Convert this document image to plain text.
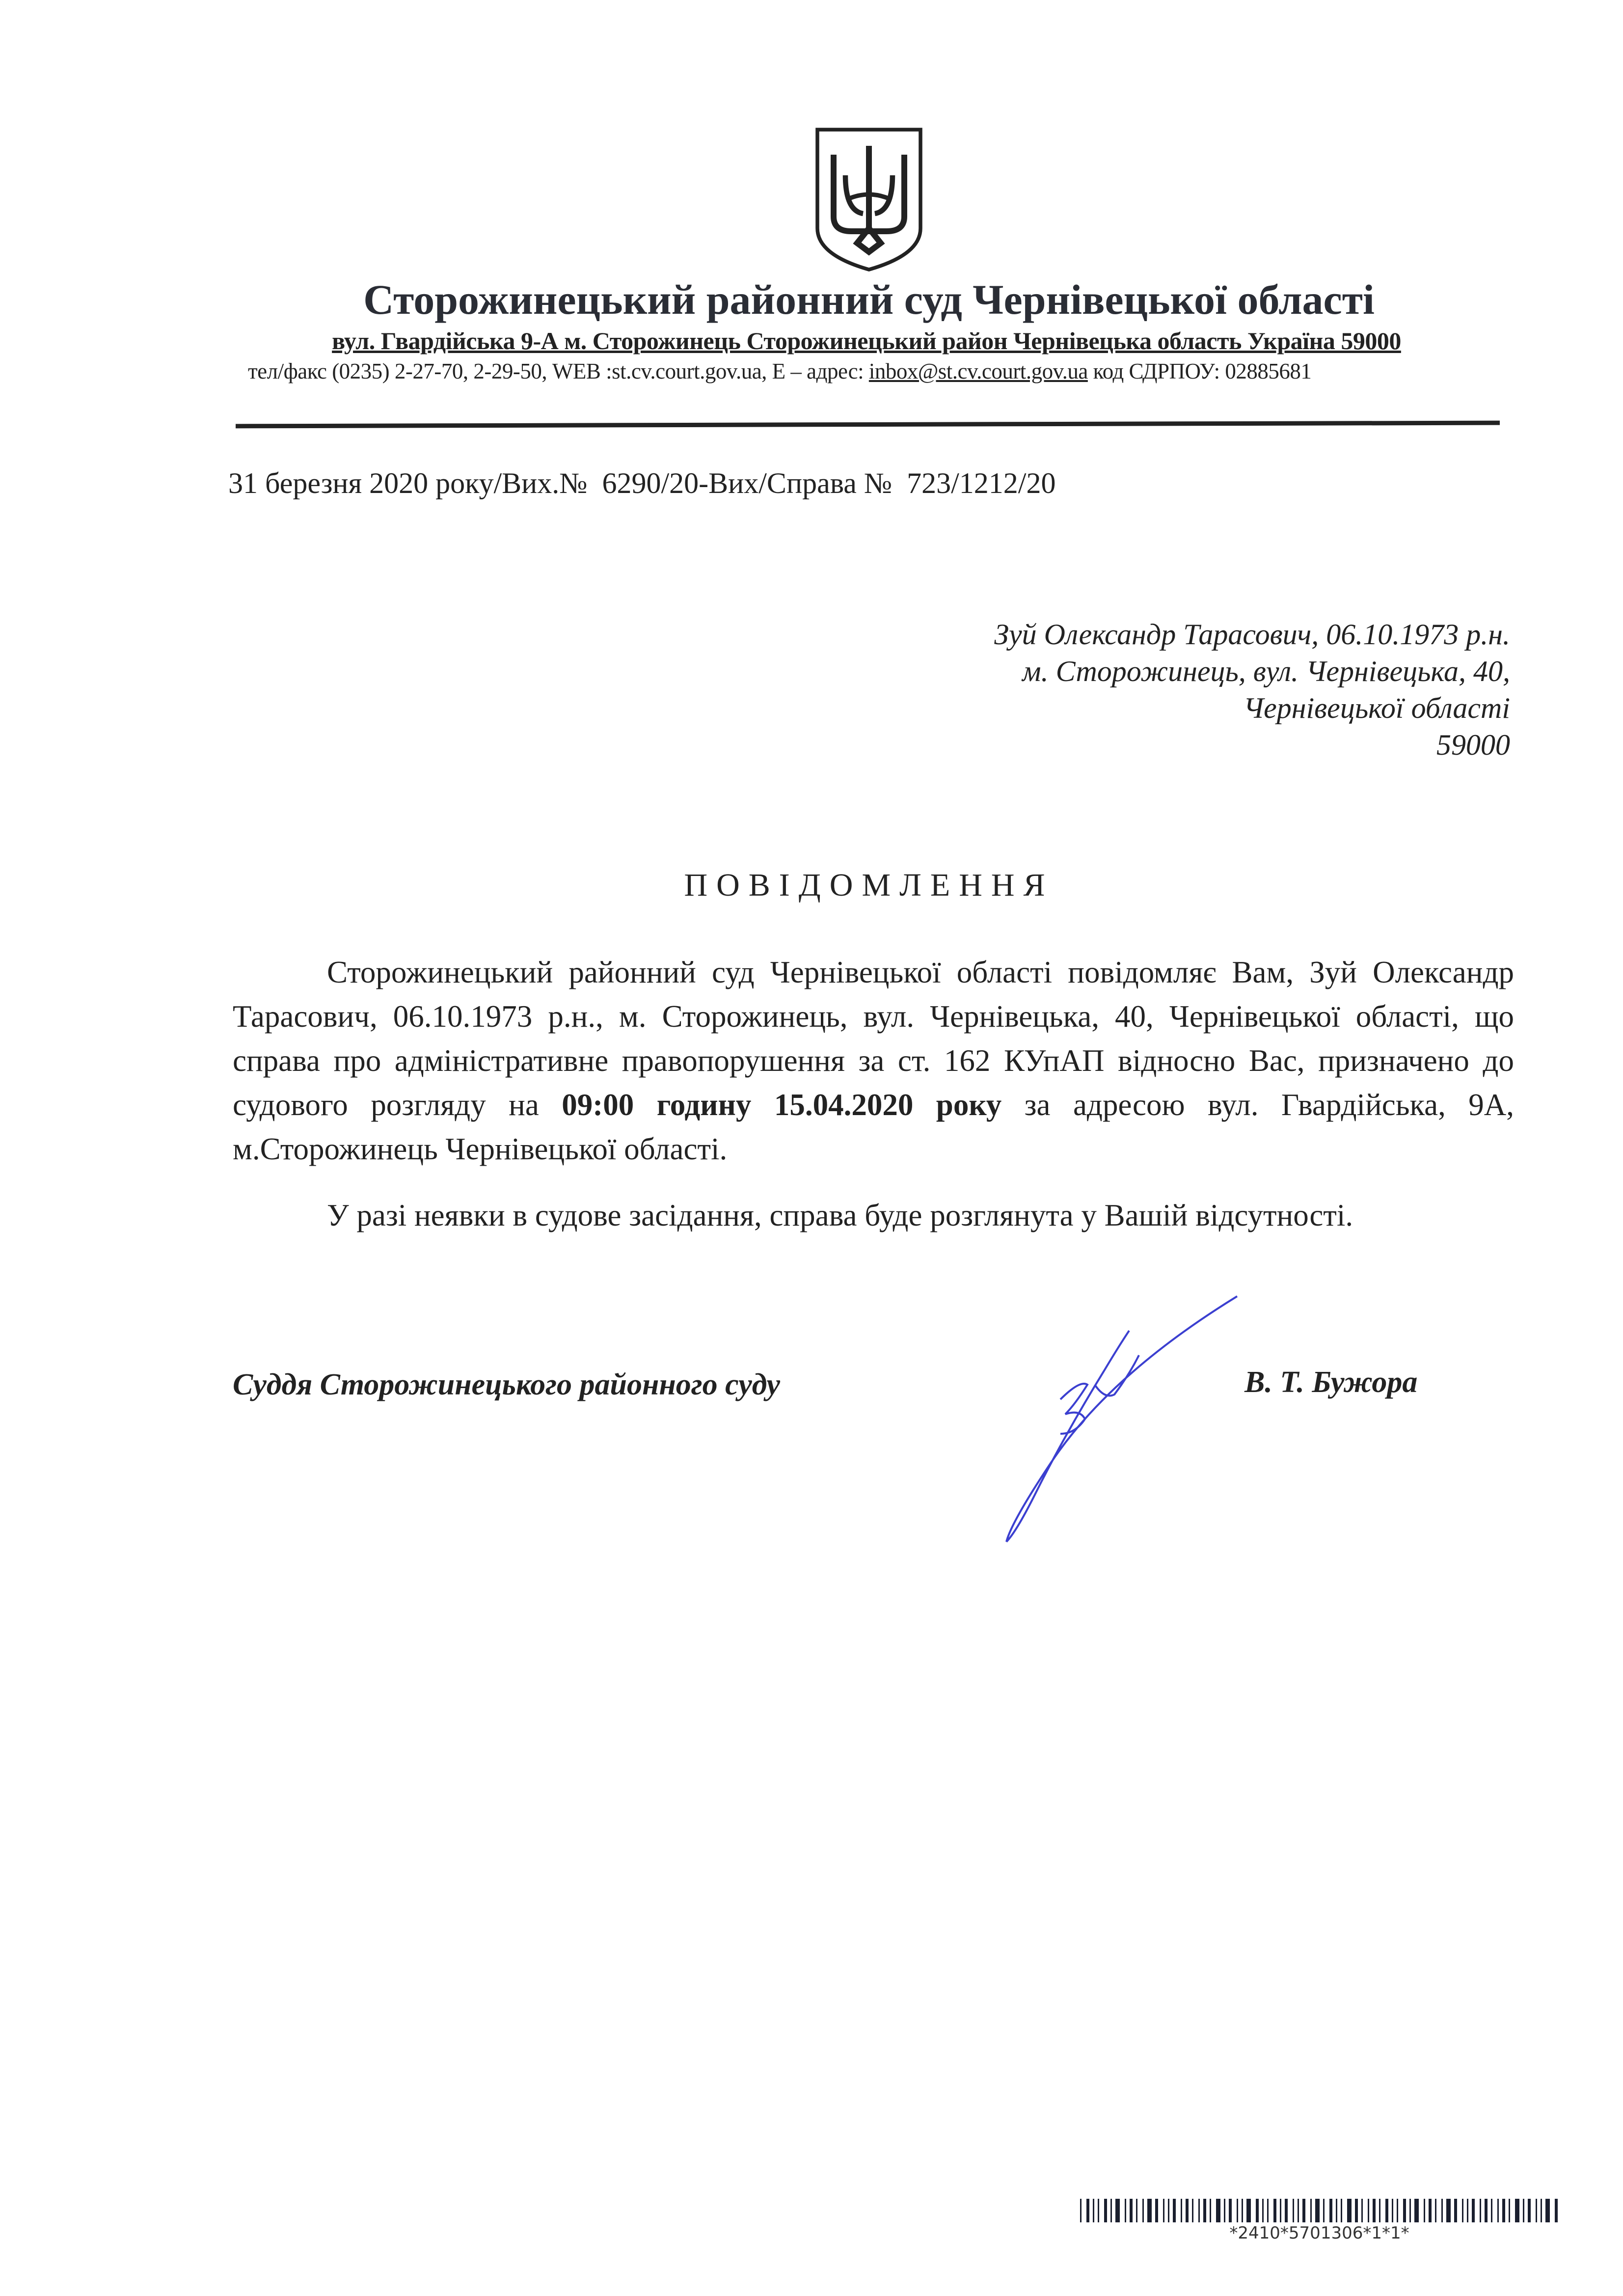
Сторожинецький районний суд Чернівецької області
вул. Гвардійська 9-А м. Сторожинець Сторожинецький район Чернівецька область Україна 59000
тел/факс (0235) 2-27-70, 2-29-50, WEB :st.cv.court.gov.ua, E – адрес: inbox@st.cv.court.gov.ua код СДРПОУ: 02885681
31 березня 2020 року/Вих.№  6290/20-Вих/Справа №  723/1212/20
Зуй Олександр Тарасович, 06.10.1973 р.н.
м. Сторожинець, вул. Чернівецька, 40,
Чернівецької області
59000
ПОВІДОМЛЕННЯ
Сторожинецький районний суд Чернівецької області повідомляє Вам, Зуй Олександр Тарасович, 06.10.1973 р.н., м. Сторожинець, вул. Чернівецька, 40, Чернівецької області, що справа про адміністративне правопорушення за ст. 162 КУпАП відносно Вас, призначено до судового розгляду на 09:00 годину 15.04.2020 року за адресою вул. Гвардійська, 9А, м.Сторожинець Чернівецької області.
У разі неявки в судове засідання, справа буде розглянута у Вашій відсутності.
Суддя Сторожинецького районного суду	В. Т. Бужора
*2410*5701306*1*1*
